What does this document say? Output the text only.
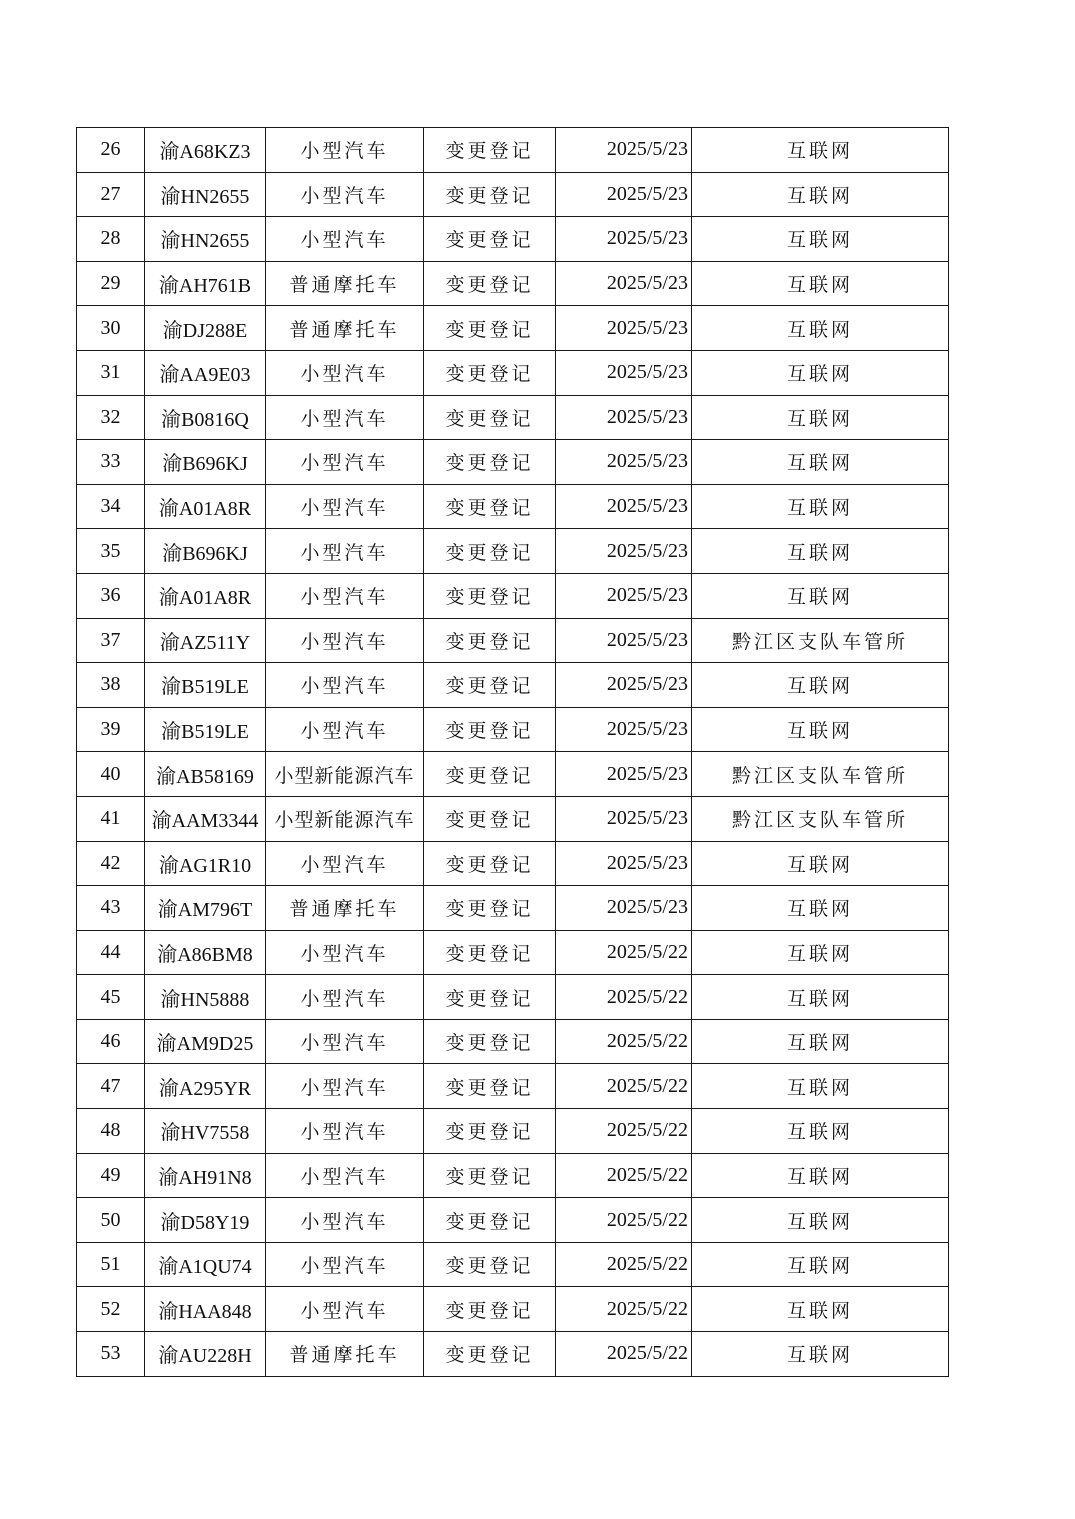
26	渝A68KZ3	小型汽车	变更登记	2025/5/23	互联网
27	渝HN2655	小型汽车	变更登记	2025/5/23	互联网
28	渝HN2655	小型汽车	变更登记	2025/5/23	互联网
29	渝AH761B	普通摩托车	变更登记	2025/5/23	互联网
30	渝DJ288E	普通摩托车	变更登记	2025/5/23	互联网
31	渝AA9E03	小型汽车	变更登记	2025/5/23	互联网
32	渝B0816Q	小型汽车	变更登记	2025/5/23	互联网
33	渝B696KJ	小型汽车	变更登记	2025/5/23	互联网
34	渝A01A8R	小型汽车	变更登记	2025/5/23	互联网
35	渝B696KJ	小型汽车	变更登记	2025/5/23	互联网
36	渝A01A8R	小型汽车	变更登记	2025/5/23	互联网
37	渝AZ511Y	小型汽车	变更登记	2025/5/23	黔江区支队车管所
38	渝B519LE	小型汽车	变更登记	2025/5/23	互联网
39	渝B519LE	小型汽车	变更登记	2025/5/23	互联网
40	渝AB58169	小型新能源汽车	变更登记	2025/5/23	黔江区支队车管所
41	渝AAM3344	小型新能源汽车	变更登记	2025/5/23	黔江区支队车管所
42	渝AG1R10	小型汽车	变更登记	2025/5/23	互联网
43	渝AM796T	普通摩托车	变更登记	2025/5/23	互联网
44	渝A86BM8	小型汽车	变更登记	2025/5/22	互联网
45	渝HN5888	小型汽车	变更登记	2025/5/22	互联网
46	渝AM9D25	小型汽车	变更登记	2025/5/22	互联网
47	渝A295YR	小型汽车	变更登记	2025/5/22	互联网
48	渝HV7558	小型汽车	变更登记	2025/5/22	互联网
49	渝AH91N8	小型汽车	变更登记	2025/5/22	互联网
50	渝D58Y19	小型汽车	变更登记	2025/5/22	互联网
51	渝A1QU74	小型汽车	变更登记	2025/5/22	互联网
52	渝HAA848	小型汽车	变更登记	2025/5/22	互联网
53	渝AU228H	普通摩托车	变更登记	2025/5/22	互联网
